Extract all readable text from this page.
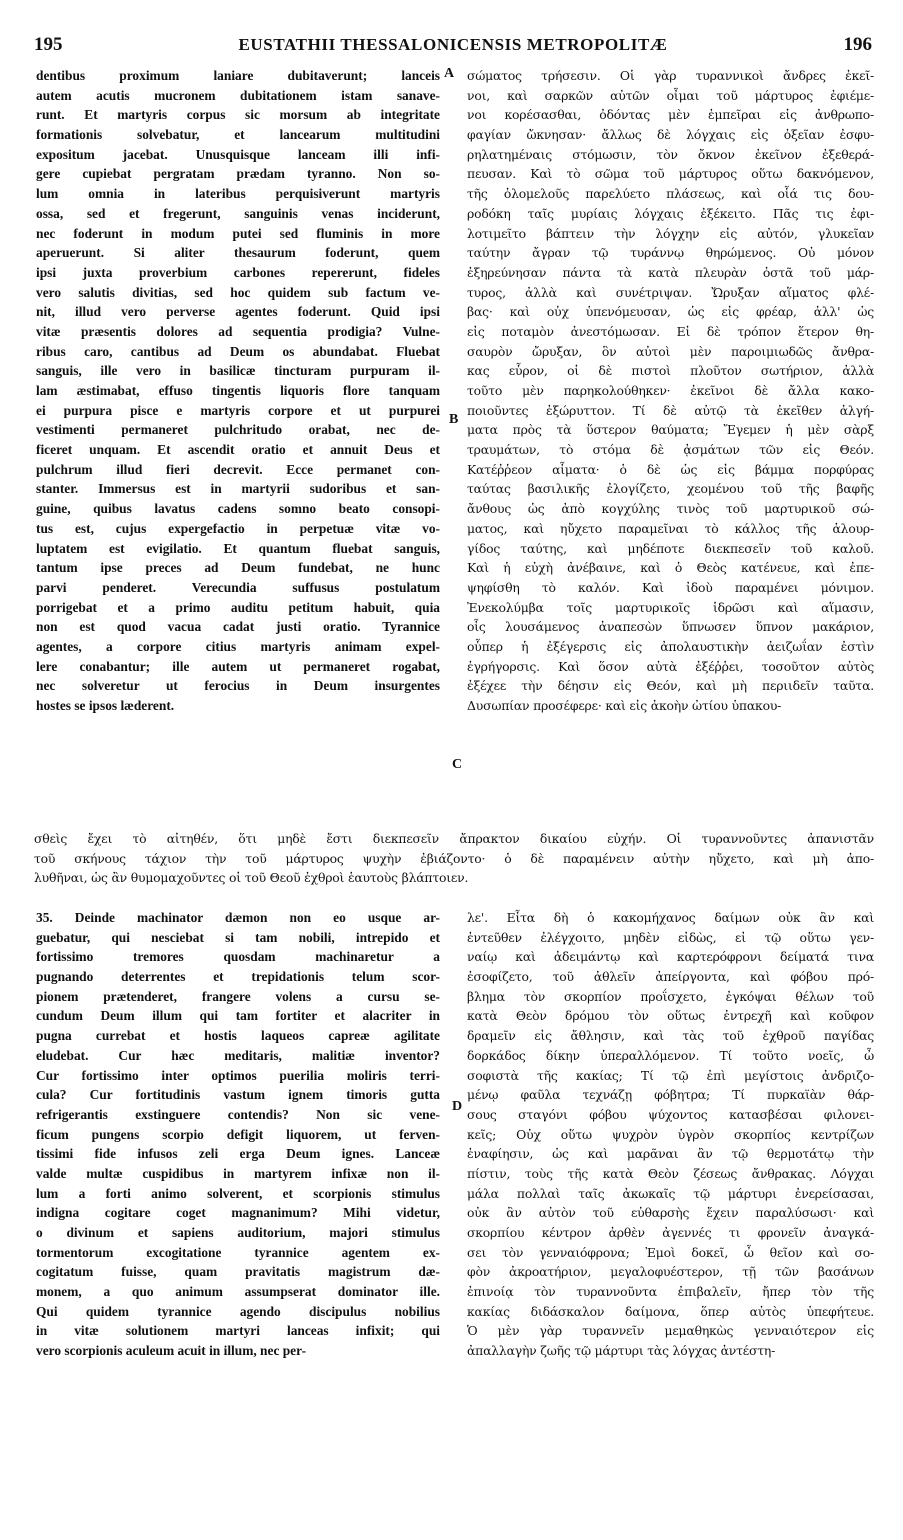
195	EUSTATHII THESSALONICENSIS METROPOLITÆ	196
A
B
C
D
dentibus proximum laniare dubitaverunt; lanceis
autem acutis mucronem dubitationem istam sanave-
runt. Et martyris corpus sic morsum ab integritate
formationis solvebatur, et lancearum multitudini
expositum jacebat. Unusquisque lanceam illi infi-
gere cupiebat pergratam prædam tyranno. Non so-
lum omnia in lateribus perquisiverunt martyris
ossa, sed et fregerunt, sanguinis venas inciderunt,
nec foderunt in modum putei sed fluminis in more
aperuerunt. Si aliter thesaurum foderunt, quem
ipsi juxta proverbium carbones repererunt, fideles
vero salutis divitias, sed hoc quidem sub factum ve-
nit, illud vero perverse agentes foderunt. Quid ipsi
vitæ præsentis dolores ad sequentia prodigia? Vulne-
ribus caro, cantibus ad Deum os abundabat. Fluebat
sanguis, ille vero in basilicæ tincturam purpuram il-
lam æstimabat, effuso tingentis liquoris flore tanquam
ei purpura pisce e martyris corpore et ut purpurei
vestimenti permaneret pulchritudo orabat, nec de-
ficeret unquam. Et ascendit oratio et annuit Deus et
pulchrum illud fieri decrevit. Ecce permanet con-
stanter. Immersus est in martyrii sudoribus et san-
guine, quibus lavatus cadens somno beato consopi-
tus est, cujus expergefactio in perpetuæ vitæ vo-
luptatem est evigilatio. Et quantum fluebat sanguis,
tantum ipse preces ad Deum fundebat, ne hunc
parvi penderet. Verecundia suffusus postulatum
porrigebat et a primo auditu petitum habuit, quia
non est quod vacua cadat justi oratio. Tyrannice
agentes, a corpore citius martyris animam expel-
lere conabantur; ille autem ut permaneret rogabat,
nec solveretur ut ferocius in Deum insurgentes
hostes se ipsos læderent.
σώματος τρήσεσιν. Οἱ γὰρ τυραννικοὶ ἄνδρες ἐκεῖ-
νοι, καὶ σαρκῶν αὐτῶν οἶμαι τοῦ μάρτυρος ἐφιέμε-
νοι κορέσασθαι, ὀδόντας μὲν ἐμπεῖραι εἰς ἀνθρωπο-
φαγίαν ὤκνησαν· ἄλλως δὲ λόγχαις εἰς ὀξεῖαν ἐσφυ-
ρηλατημέναις στόμωσιν, τὸν ὄκνον ἐκεῖνον ἐξεθερά-
πευσαν. Καὶ τὸ σῶμα τοῦ μάρτυρος οὕτω δακνόμενον,
τῆς ὁλομελοῦς παρελύετο πλάσεως, καὶ οἷά τις δου-
ροδόκη ταῖς μυρίαις λόγχαις ἐξέκειτο. Πᾶς τις ἐφι-
λοτιμεῖτο βάπτειν τὴν λόγχην εἰς αὐτόν, γλυκεῖαν
ταύτην ἄγραν τῷ τυράννῳ θηρώμενος. Οὐ μόνον
ἐξηρεύνησαν πάντα τὰ κατὰ πλευρὰν ὀστᾶ τοῦ μάρ-
τυρος, ἀλλὰ καὶ συνέτριψαν. Ὤρυξαν αἵματος φλέ-
βας· καὶ οὐχ ὑπενόμευσαν, ὡς εἰς φρέαρ, ἀλλ' ὡς
εἰς ποταμὸν ἀνεστόμωσαν. Εἰ δὲ τρόπον ἕτερον θη-
σαυρὸν ὤρυξαν, ὃν αὐτοὶ μὲν παροιμιωδῶς ἄνθρα-
κας εὗρον, οἱ δὲ πιστοὶ πλοῦτον σωτήριον, ἀλλὰ
τοῦτο μὲν παρηκολούθηκεν· ἐκεῖνοι δὲ ἄλλα κακο-
ποιοῦντες ἐξώρυττον. Τί δὲ αὐτῷ τὰ ἐκεῖθεν ἀλγή-
ματα πρὸς τὰ ὕστερον θαύματα; Ἔγεμεν ἡ μὲν σὰρξ
τραυμάτων, τὸ στόμα δὲ ᾀσμάτων τῶν εἰς Θεόν.
Κατέῤῥεον αἷματα· ὁ δὲ ὡς εἰς βάμμα πορφύρας
ταύτας βασιλικῆς ἐλογίζετο, χεομένου τοῦ τῆς βαφῆς
ἄνθους ὡς ἀπὸ κογχύλης τινὸς τοῦ μαρτυρικοῦ σώ-
ματος, καὶ ηὔχετο παραμεῖναι τὸ κάλλος τῆς ἁλουρ-
γίδος ταύτης, καὶ μηδέποτε διεκπεσεῖν τοῦ καλοῦ.
Καὶ ἡ εὐχὴ ἀνέβαινε, καὶ ὁ Θεὸς κατένευε, καὶ ἐπε-
ψηφίσθη τὸ καλόν. Καὶ ἰδοὺ παραμένει μόνιμον.
Ἐνεκολύμβα τοῖς μαρτυρικοῖς ἱδρῶσι καὶ αἵμασιν,
οἷς λουσάμενος ἀναπεσὼν ὕπνωσεν ὕπνον μακάριον,
οὗπερ ἡ ἐξέγερσις εἰς ἀπολαυστικὴν ἀειζωΐαν ἐστὶν
ἐγρήγορσις. Καὶ ὅσον αὐτὰ ἐξέῤῥει, τοσοῦτον αὐτὸς
ἐξέχεε τὴν δέησιν εἰς Θεόν, καὶ μὴ περιιδεῖν ταῦτα.
Δυσωπίαν προσέφερε· καὶ εἰς ἀκοὴν ὠτίου ὑπακου-
σθεὶς ἔχει τὸ αἰτηθέν, ὅτι μηδὲ ἔστι διεκπεσεῖν ἄπρακτον δικαίου εὐχήν. Οἱ τυραννοῦντες ἀπανιστᾶν
τοῦ σκήνους τάχιον τὴν τοῦ μάρτυρος ψυχὴν ἐβιάζοντο· ὁ δὲ παραμένειν αὐτὴν ηὔχετο, καὶ μὴ ἀπο-
λυθῆναι, ὡς ἂν θυμομαχοῦντες οἱ τοῦ Θεοῦ ἐχθροὶ ἑαυτοὺς βλάπτοιεν.
35. Deinde machinator dæmon non eo usque ar-
guebatur, qui nesciebat si tam nobili, intrepido et
fortissimo tremores quosdam machinaretur a
pugnando deterrentes et trepidationis telum scor-
pionem prætenderet, frangere volens a cursu se-
cundum Deum illum qui tam fortiter et alacriter in
pugna currebat et hostis laqueos capreæ agilitate
eludebat. Cur hæc meditaris, malitiæ inventor?
Cur fortissimo inter optimos puerilia moliris terri-
cula? Cur fortitudinis vastum ignem timoris gutta
refrigerantis exstinguere contendis? Non sic vene-
ficum pungens scorpio defigit liquorem, ut ferven-
tissimi fide infusos zeli erga Deum ignes. Lanceæ
valde multæ cuspidibus in martyrem infixæ non il-
lum a forti animo solverent, et scorpionis stimulus
indigna cogitare coget magnanimum? Mihi videtur,
o divinum et sapiens auditorium, majori stimulus
tormentorum excogitatione tyrannice agentem ex-
cogitatum fuisse, quam pravitatis magistrum dæ-
monem, a quo animum assumpserat dominator ille.
Qui quidem tyrannice agendo discipulus nobilius
in vitæ solutionem martyri lanceas infixit; qui
vero scorpionis aculeum acuit in illum, nec per-
λε'. Εἶτα δὴ ὁ κακομήχανος δαίμων οὐκ ἂν καὶ
ἐντεῦθεν ἐλέγχοιτο, μηδὲν εἰδὼς, εἰ τῷ οὕτω γεν-
ναίῳ καὶ ἀδειμάντῳ καὶ καρτερόφρονι δείματά τινα
ἐσοφίζετο, τοῦ ἀθλεῖν ἀπείργοντα, καὶ φόβου πρό-
βλημα τὸν σκορπίον προΐσχετο, ἐγκόψαι θέλων τοῦ
κατὰ Θεὸν δρόμου τὸν οὕτως ἐντρεχῆ καὶ κοῦφον
δραμεῖν εἰς ἄθλησιν, καὶ τὰς τοῦ ἐχθροῦ παγίδας
δορκάδος δίκην ὑπεραλλόμενον. Τί τοῦτο νοεῖς, ὦ
σοφιστὰ τῆς κακίας; Τί τῷ ἐπὶ μεγίστοις ἀνδριζο-
μένῳ φαῦλα τεχνάζῃ φόβητρα; Τί πυρκαϊὰν θάρ-
σους σταγόνι φόβου ψύχοντος κατασβέσαι φιλονει-
κεῖς; Οὐχ οὕτω ψυχρὸν ὑγρὸν σκορπίος κεντρίζων
ἐναφίησιν, ὡς καὶ μαρᾶναι ἂν τῷ θερμοτάτῳ τὴν
πίστιν, τοὺς τῆς κατὰ Θεὸν ζέσεως ἄνθρακας. Λόγχαι
μάλα πολλαὶ ταῖς ἀκωκαῖς τῷ μάρτυρι ἐνερείσασαι,
οὐκ ἂν αὐτὸν τοῦ εὐθαρσὴς ἔχειν παραλύσωσι· καὶ
σκορπίου κέντρον ἀρθὲν ἀγεννές τι φρονεῖν ἀναγκά-
σει τὸν γενναιόφρονα; Ἐμοὶ δοκεῖ, ὦ θεῖον καὶ σο-
φὸν ἀκροατήριον, μεγαλοφυέστερον, τῇ τῶν βασάνων
ἐπινοίᾳ τὸν τυραννοῦντα ἐπιβαλεῖν, ἤπερ τὸν τῆς
κακίας διδάσκαλον δαίμονα, ὅπερ αὐτὸς ὑπεφήτευε.
Ὁ μὲν γὰρ τυραννεῖν μεμαθηκὼς γενναιότερον εἰς
ἀπαλλαγὴν ζωῆς τῷ μάρτυρι τὰς λόγχας ἀντέστη-
